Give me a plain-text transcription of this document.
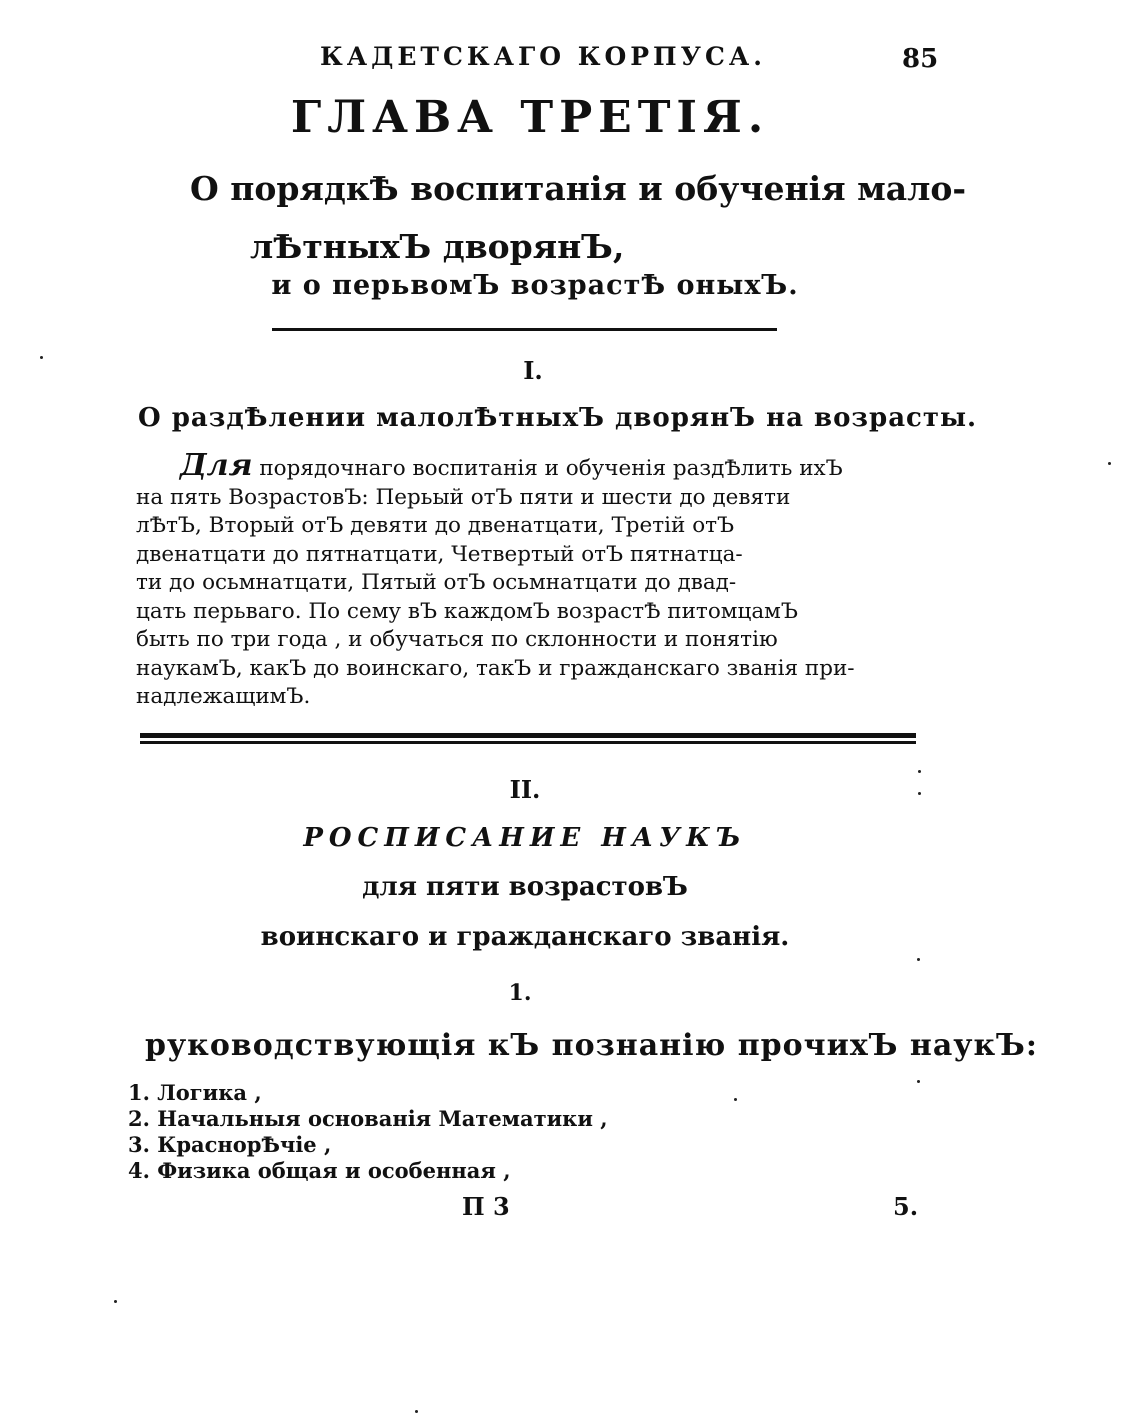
КАДЕТСКАГО КОРПУСА.	85
ГЛАВА ТРЕТІЯ.
О порядкѢ воспитанія и обученія мало-
лѢтныхЪ дворянЪ,
и о перьвомЪ возрастѢ оныхЪ.
I.
О раздѢлении малолѢтныхЪ дворянЪ на возрасты.
Для порядочнаго воспитанія и обученія раздѢлить ихЪ
на пять ВозрастовЪ: Перьый отЪ пяти и шести до девяти
лѢтЪ, Вторый отЪ девяти до двенатцати, Третій отЪ
двенатцати до пятнатцати, Четвертый отЪ пятнатца-
ти до осьмнатцати, Пятый отЪ осьмнатцати до двад-
цать перьваго. По сему вЪ каждомЪ возрастѢ питомцамЪ
быть по три года , и обучаться по склонности и понятію
наукамЪ, какЪ до воинскаго, такЪ и гражданскаго званія при-
надлежащимЪ.
II.
РОСПИСАНИЕ НАУКЪ
для пяти возрастовЪ
воинскаго и гражданскаго званія.
1.
руководствующія кЪ познанію прочихЪ наукЪ:
1. Логика ,
2. Начальныя основанія Математики ,
3. КраснорѢчіе ,
4. Физика общая и особенная ,
П 3	5.
